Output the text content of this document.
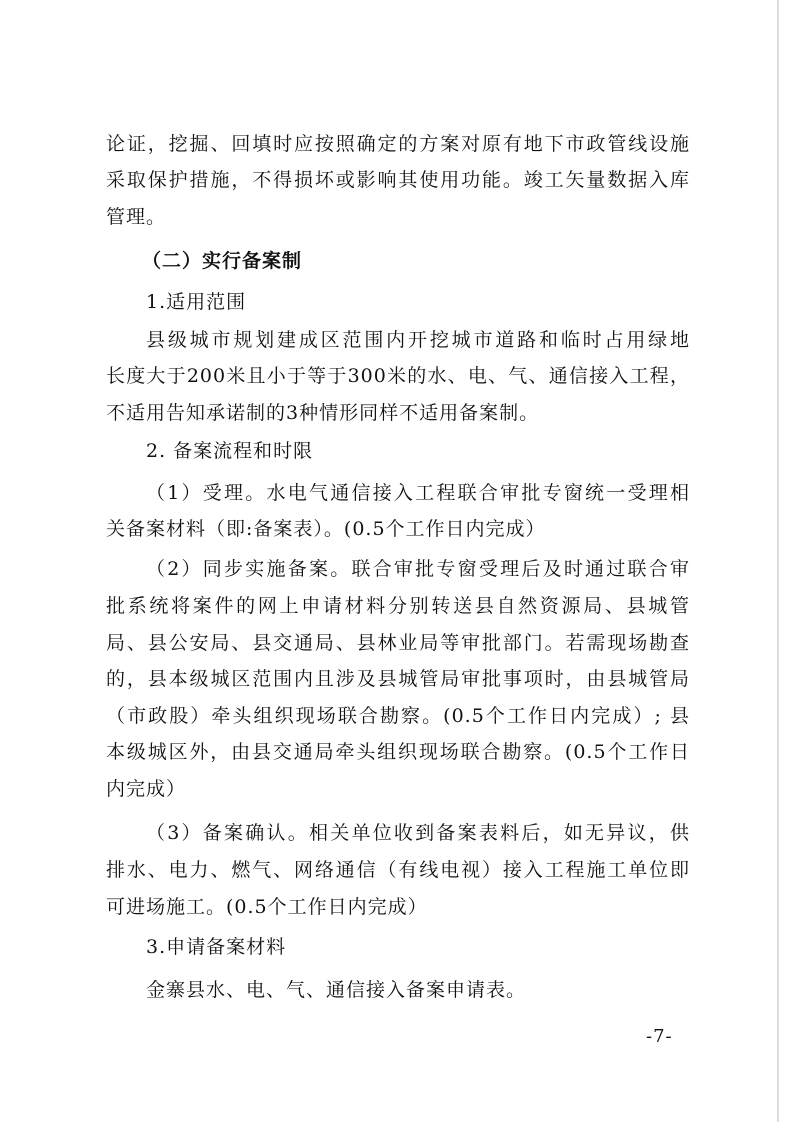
论证，挖掘、回填时应按照确定的方案对原有地下市政管线设施

采取保护措施，不得损坏或影响其使用功能。竣工矢量数据入库

管理。

（二）实行备案制

1.适用范围

县级城市规划建成区范围内开挖城市道路和临时占用绿地

长度大于200米且小于等于300米的水、电、气、通信接入工程，

不适用告知承诺制的3种情形同样不适用备案制。

2. 备案流程和时限

（1）受理。水电气通信接入工程联合审批专窗统一受理相

关备案材料（即:备案表）。(0.5个工作日内完成）

（2）同步实施备案。联合审批专窗受理后及时通过联合审

批系统将案件的网上申请材料分别转送县自然资源局、县城管

局、县公安局、县交通局、县林业局等审批部门。若需现场勘查

的，县本级城区范围内且涉及县城管局审批事项时，由县城管局

（市政股）牵头组织现场联合勘察。(0.5个工作日内完成）; 县

本级城区外，由县交通局牵头组织现场联合勘察。(0.5个工作日

内完成）

（3）备案确认。相关单位收到备案表料后，如无异议，供

排水、电力、燃气、网络通信（有线电视）接入工程施工单位即

可进场施工。(0.5个工作日内完成）

3.申请备案材料

金寨县水、电、气、通信接入备案申请表。

-7-
